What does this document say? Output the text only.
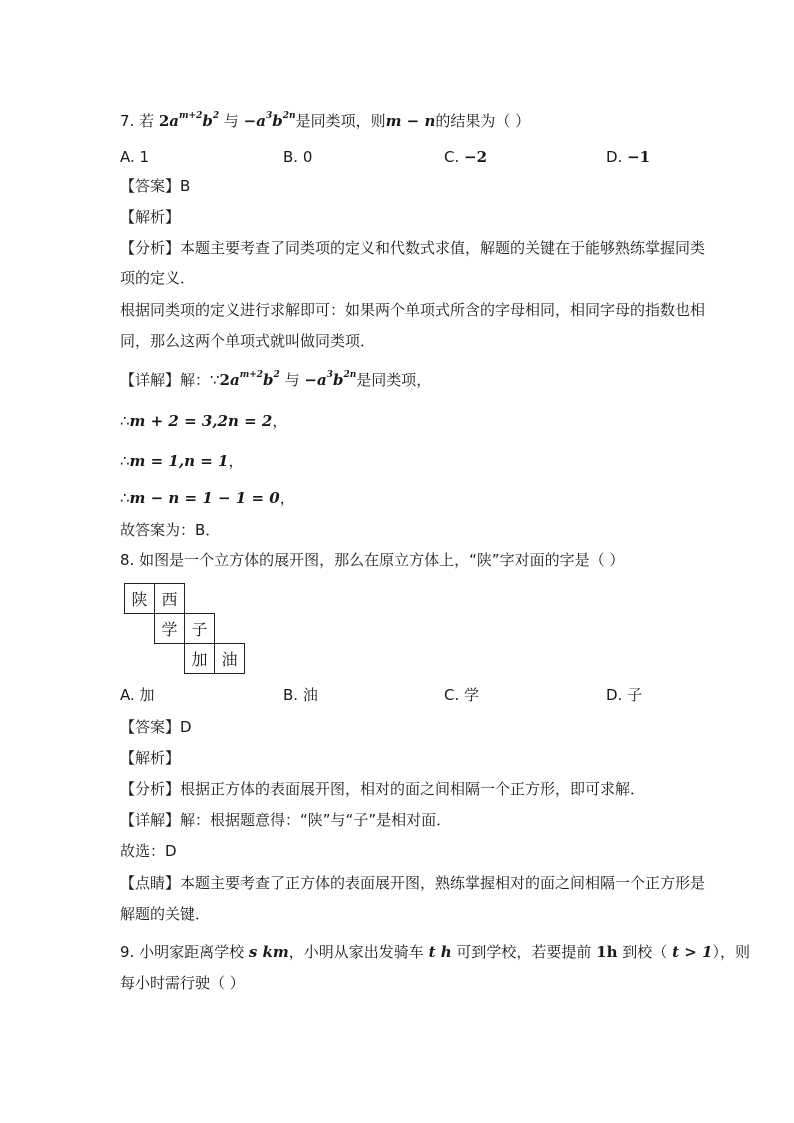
7. 若 $2a^{m+2}b^2$ 与 $-a^3b^{2n}$是同类项，则m − n的结果为（ ）
A. 1	B. 0	C. −2	D. −1
【答案】B
【解析】
【分析】本题主要考查了同类项的定义和代数式求值，解题的关键在于能够熟练掌握同类
项的定义．
根据同类项的定义进行求解即可：如果两个单项式所含的字母相同，相同字母的指数也相
同，那么这两个单项式就叫做同类项．
【详解】解：$\because 2a^{m+2}b^2$ 与 $-a^3b^{2n}$是同类项，
∴m + 2 = 3,2n = 2，
∴m = 1,n = 1，
∴m − n = 1 − 1 = 0，
故答案为：B．
8. 如图是一个立方体的展开图，那么在原立方体上，“陕”字对面的字是（ ）
陕 西
学 子
加 油
A. 加	B. 油	C. 学	D. 子
【答案】D
【解析】
【分析】根据正方体的表面展开图，相对的面之间相隔一个正方形，即可求解．
【详解】解：根据题意得：“陕”与“子”是相对面．
故选：D
【点睛】本题主要考查了正方体的表面展开图，熟练掌握相对的面之间相隔一个正方形是
解题的关键．
9. 小明家距离学校 s km，小明从家出发骑车 t h 可到学校，若要提前 1h 到校（ t > 1），则
每小时需行驶（ ）
